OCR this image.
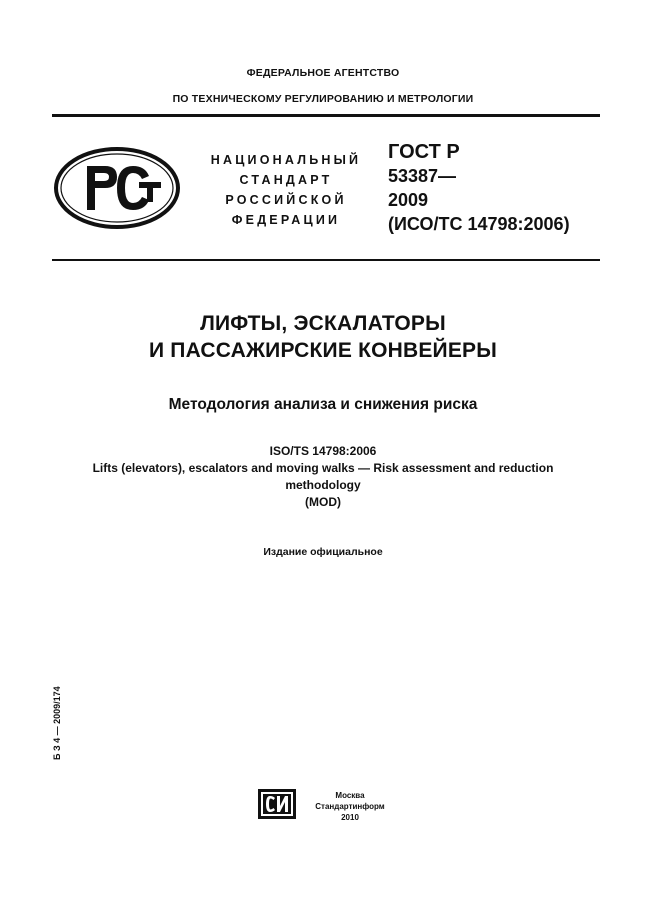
ФЕДЕРАЛЬНОЕ АГЕНТСТВО
ПО ТЕХНИЧЕСКОМУ РЕГУЛИРОВАНИЮ И МЕТРОЛОГИИ
НАЦИОНАЛЬНЫЙ
СТАНДАРТ
РОССИЙСКОЙ
ФЕДЕРАЦИИ
ГОСТ Р
53387—
2009
(ИСО/ТС 14798:2006)
ЛИФТЫ, ЭСКАЛАТОРЫ
И ПАССАЖИРСКИЕ КОНВЕЙЕРЫ
Методология анализа и снижения риска
ISO/TS 14798:2006
Lifts (elevators), escalators and moving walks — Risk assessment and reduction
methodology
(MOD)
Издание официальное
Б З 4 — 2009/174
Москва
Стандартинформ
2010
